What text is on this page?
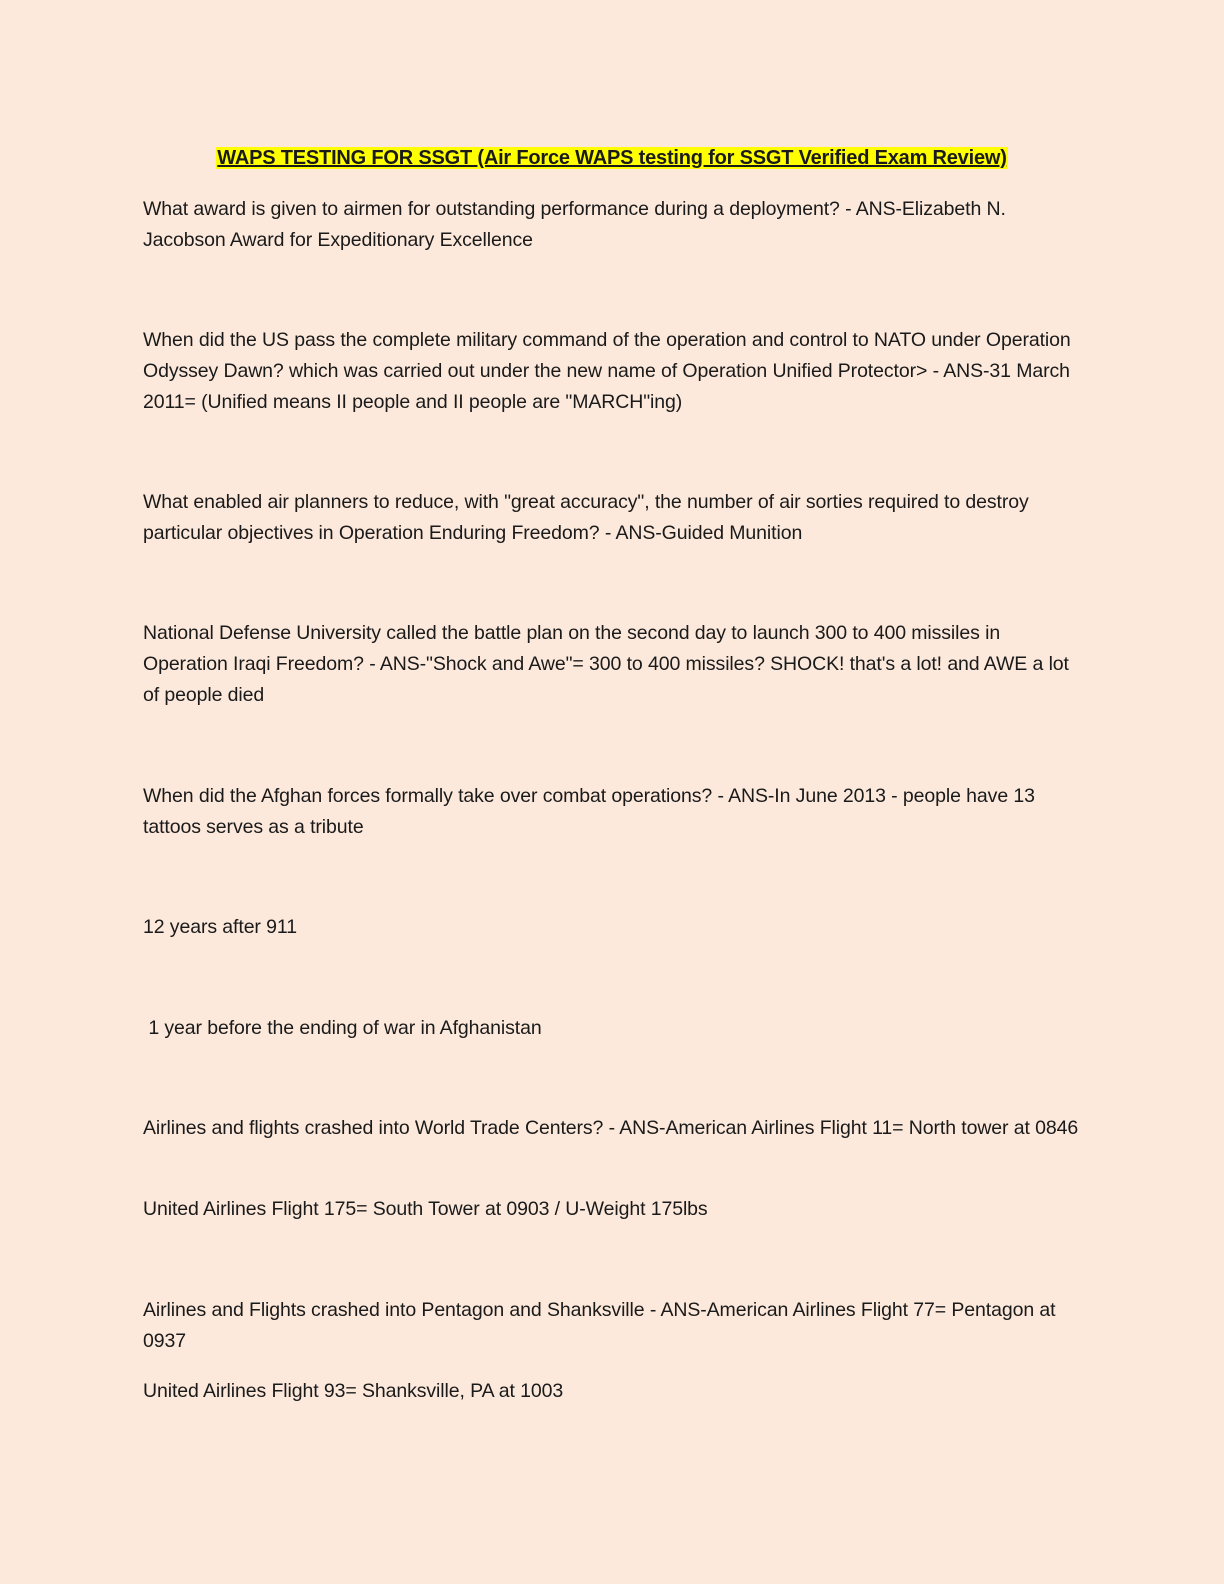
WAPS TESTING FOR SSGT (Air Force WAPS testing for SSGT Verified Exam Review)

What award is given to airmen for outstanding performance during a deployment? - ANS-Elizabeth N. Jacobson Award for Expeditionary Excellence

When did the US pass the complete military command of the operation and control to NATO under Operation Odyssey Dawn? which was carried out under the new name of Operation Unified Protector> - ANS-31 March 2011= (Unified means II people and II people are "MARCH"ing)

What enabled air planners to reduce, with "great accuracy", the number of air sorties required to destroy particular objectives in Operation Enduring Freedom? - ANS-Guided Munition

National Defense University called the battle plan on the second day to launch 300 to 400 missiles in Operation Iraqi Freedom? - ANS-"Shock and Awe"= 300 to 400 missiles? SHOCK! that's a lot! and AWE a lot of people died

When did the Afghan forces formally take over combat operations? - ANS-In June 2013 - people have 13 tattoos serves as a tribute

12 years after 911

1 year before the ending of war in Afghanistan

Airlines and flights crashed into World Trade Centers? - ANS-American Airlines Flight 11= North tower at 0846

United Airlines Flight 175= South Tower at 0903 / U-Weight 175lbs

Airlines and Flights crashed into Pentagon and Shanksville - ANS-American Airlines Flight 77= Pentagon at 0937

United Airlines Flight 93= Shanksville, PA at 1003
